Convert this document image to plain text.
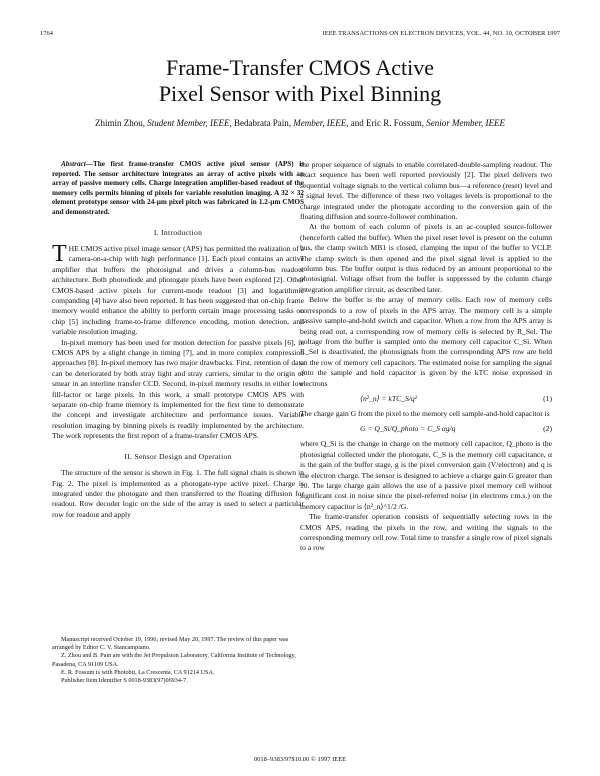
1764	IEEE TRANSACTIONS ON ELECTRON DEVICES, VOL. 44, NO. 10, OCTOBER 1997
Frame-Transfer CMOS Active
Pixel Sensor with Pixel Binning
Zhimin Zhou, Student Member, IEEE, Bedabrata Pain, Member, IEEE, and Eric R. Fossum, Senior Member, IEEE

Abstract—The first frame-transfer CMOS active pixel sensor (APS) is reported. The sensor architecture integrates an array of active pixels with an array of passive memory cells. Charge integration amplifier-based readout of the memory cells permits binning of pixels for variable resolution imaging. A 32 × 32 element prototype sensor with 24-µm pixel pitch was fabricated in 1.2-µm CMOS and demonstrated.

I. Introduction

THE CMOS active pixel image sensor (APS) has permitted the realization of a camera-on-a-chip with high performance [1]. Each pixel contains an active amplifier that buffers the photosignal and drives a column-bus readout architecture. Both photodiode and photogate pixels have been explored [2]. Other CMOS-based active pixels for current-mode readout [3] and logarithmic companding [4] have also been reported. It has been suggested that on-chip frame memory would enhance the ability to perform certain image processing tasks on chip [5] including frame-to-frame difference encoding, motion detection, and variable resolution imaging.

In-pixel memory has been used for motion detection for passive pixels [6], in CMOS APS by a slight change in timing [7], and in more complex compression approaches [8]. In-pixel memory has two major drawbacks. First, retention of data can be deteriorated by both stray light and stray carriers, similar to the origin of smear in an interline transfer CCD. Second, in-pixel memory results in either low fill-factor or large pixels. In this work, a small prototype CMOS APS with separate on-chip frame memory is implemented for the first time to demonstrate the concept and investigate architecture and performance issues. Variable resolution imaging by binning pixels is readily implemented by the architecture. The work represents the first report of a frame-transfer CMOS APS.

II. Sensor Design and Operation

The structure of the sensor is shown in Fig. 1. The full signal chain is shown in Fig. 2. The pixel is implemented as a photogate-type active pixel. Charge is integrated under the photogate and then transferred to the floating diffusion for readout. Row decoder logic on the side of the array is used to select a particular row for readout and apply

Manuscript received October 19, 1996; revised May 20, 1997. The review of this paper was arranged by Editor C. V. Stancampiano.

Z. Zhou and B. Pain are with the Jet Propulsion Laboratory, California Institute of Technology, Pasadena, CA 91109 USA.

E. R. Fossum is with Photobit, La Crescenta, CA 91214 USA.

Publisher Item Identifier S 0018-9383(97)06934-7.

the proper sequence of signals to enable correlated-double-sampling readout. The exact sequence has been well reported previously [2]. The pixel delivers two sequential voltage signals to the vertical column bus—a reference (reset) level and a signal level. The difference of these two voltages levels is proportional to the charge integrated under the photogate according to the conversion gain of the floating diffusion and source-follower combination.

At the bottom of each column of pixels is an ac-coupled source-follower (henceforth called the buffer). When the pixel reset level is present on the column bus, the clamp switch MB1 is closed, clamping the input of the buffer to VCLP. The clamp switch is then opened and the pixel signal level is applied to the column bus. The buffer output is thus reduced by an amount proportional to the photosignal. Voltage offset from the buffer is suppressed by the column charge integration amplifier circuit, as described later.

Below the buffer is the array of memory cells. Each row of memory cells corresponds to a row of pixels in the APS array. The memory cell is a simple passive sample-and-hold switch and capacitor. When a row from the APS array is being read out, a corresponding row of memory cells is selected by R_Sel. The voltage from the buffer is sampled onto the memory cell capacitor C_Si. When R_Sel is deactivated, the photosignals from the corresponding APS row are held on the row of memory cell capacitors. The estimated noise for sampling the signal onto the sample and hold capacitor is given by the kTC noise expressed in electrons

⟨n²_n⟩ = kTC_S/q²	(1)

The charge gain G from the pixel to the memory cell sample-and-hold capacitor is

G = Q_Si/Q_photo = C_S αg/q	(2)

where Q_Si is the change in charge on the memory cell capacitor, Q_photo is the photosignal collected under the photogate, C_S is the memory cell capacitance, α is the gain of the buffer stage, g is the pixel conversion gain (V/electron) and q is the electron charge. The sensor is designed to achieve a charge gain G greater than 10. The large charge gain allows the use of a passive pixel memory cell without significant cost in noise since the pixel-referred noise (in electrons r.m.s.) on the memory capacitor is ⟨n²_n⟩^1/2 /G.

The frame-transfer operation consists of sequentially selecting rows in the CMOS APS, reading the pixels in the row, and writing the signals to the corresponding memory cell row. Total time to transfer a single row of pixel signals to a row

0018–9383/97$10.00 © 1997 IEEE
